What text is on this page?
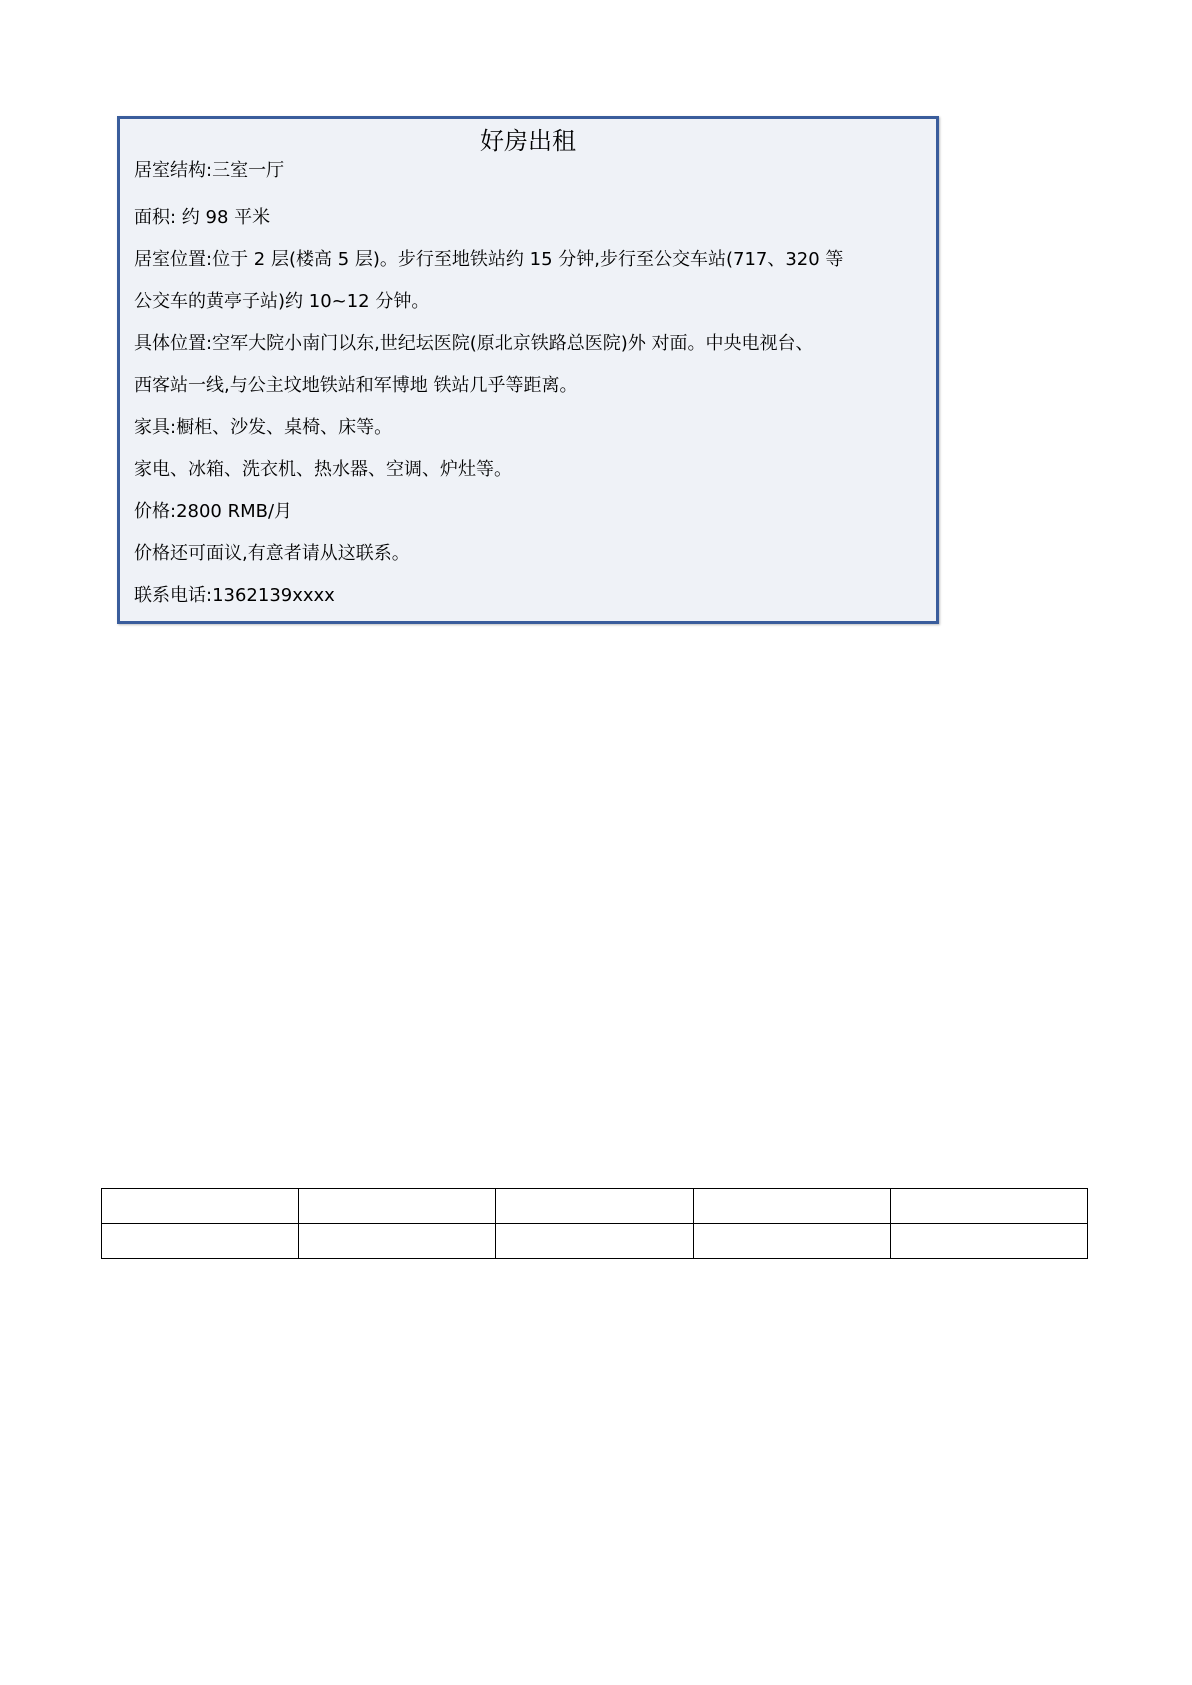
好房出租
居室结构:三室一厅
面积: 约 98 平米
居室位置:位于 2 层(楼高 5 层)。步行至地铁站约 15 分钟,步行至公交车站(717、320 等
公交车的黄亭子站)约 10~12 分钟。
具体位置:空军大院小南门以东,世纪坛医院(原北京铁路总医院)外 对面。中央电视台、
西客站一线,与公主坟地铁站和军博地 铁站几乎等距离。
家具:橱柜、沙发、桌椅、床等。
家电、冰箱、洗衣机、热水器、空调、炉灶等。
价格:2800 RMB/月
价格还可面议,有意者请从这联系。
联系电话:1362139xxxx
